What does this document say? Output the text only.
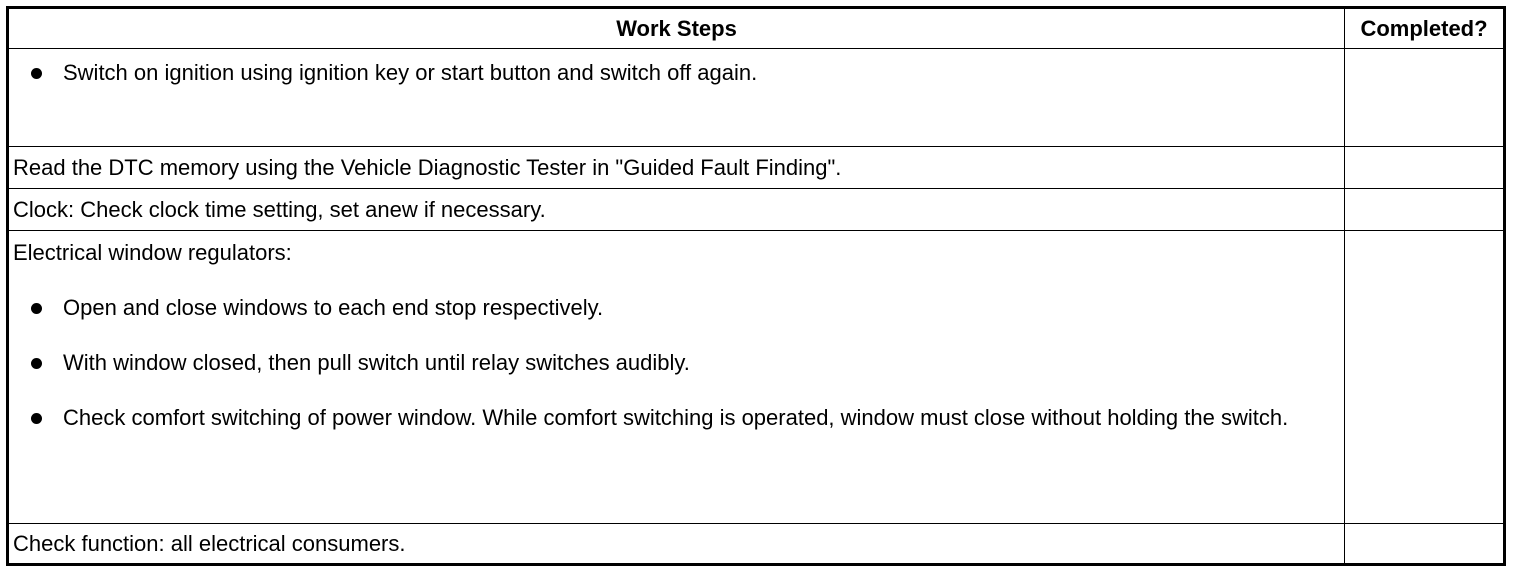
Work Steps	Completed?
Switch on ignition using ignition key or start button and switch off again.
Read the DTC memory using the Vehicle Diagnostic Tester in "Guided Fault Finding".
Clock: Check clock time setting, set anew if necessary.
Electrical window regulators:
Open and close windows to each end stop respectively.
With window closed, then pull switch until relay switches audibly.
Check comfort switching of power window. While comfort switching is operated, window must close without holding the switch.
Check function: all electrical consumers.
